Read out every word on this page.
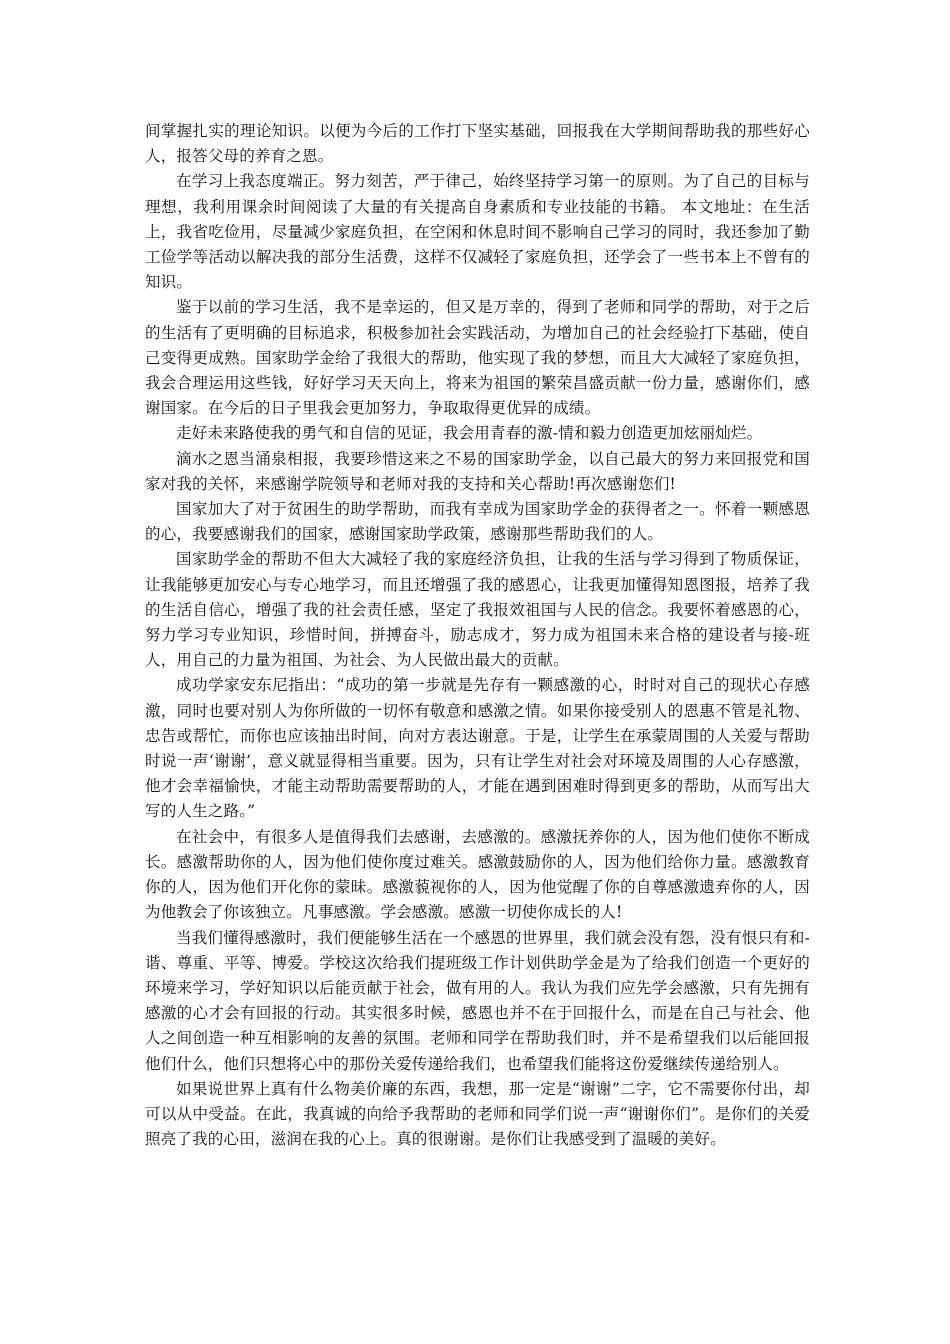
间掌握扎实的理论知识。以便为今后的工作打下坚实基础，回报我在大学期间帮助我的那些好心人，报答父母的养育之恩。

在学习上我态度端正。努力刻苦，严于律己，始终坚持学习第一的原则。为了自己的目标与理想，我利用课余时间阅读了大量的有关提高自身素质和专业技能的书籍。 本文地址：在生活上，我省吃俭用，尽量减少家庭负担，在空闲和休息时间不影响自己学习的同时，我还参加了勤工俭学等活动以解决我的部分生活费，这样不仅减轻了家庭负担，还学会了一些书本上不曾有的知识。

鉴于以前的学习生活，我不是幸运的，但又是万幸的，得到了老师和同学的帮助，对于之后的生活有了更明确的目标追求，积极参加社会实践活动，为增加自己的社会经验打下基础，使自己变得更成熟。国家助学金给了我很大的帮助，他实现了我的梦想，而且大大减轻了家庭负担，我会合理运用这些钱，好好学习天天向上，将来为祖国的繁荣昌盛贡献一份力量，感谢你们，感谢国家。在今后的日子里我会更加努力，争取取得更优异的成绩。

走好未来路使我的勇气和自信的见证，我会用青春的激-情和毅力创造更加炫丽灿烂。

滴水之恩当涌泉相报，我要珍惜这来之不易的国家助学金，以自己最大的努力来回报党和国家对我的关怀，来感谢学院领导和老师对我的支持和关心帮助!再次感谢您们!

国家加大了对于贫困生的助学帮助，而我有幸成为国家助学金的获得者之一。怀着一颗感恩的心，我要感谢我们的国家，感谢国家助学政策，感谢那些帮助我们的人。

国家助学金的帮助不但大大减轻了我的家庭经济负担，让我的生活与学习得到了物质保证，让我能够更加安心与专心地学习，而且还增强了我的感恩心，让我更加懂得知恩图报，培养了我的生活自信心，增强了我的社会责任感，坚定了我报效祖国与人民的信念。我要怀着感恩的心，努力学习专业知识，珍惜时间，拼搏奋斗，励志成才，努力成为祖国未来合格的建设者与接-班人，用自己的力量为祖国、为社会、为人民做出最大的贡献。

成功学家安东尼指出：“成功的第一步就是先存有一颗感激的心，时时对自己的现状心存感激，同时也要对别人为你所做的一切怀有敬意和感激之情。如果你接受别人的恩惠不管是礼物、忠告或帮忙，而你也应该抽出时间，向对方表达谢意。于是，让学生在承蒙周围的人关爱与帮助时说一声‘谢谢’，意义就显得相当重要。因为，只有让学生对社会对环境及周围的人心存感激，他才会幸福愉快，才能主动帮助需要帮助的人，才能在遇到困难时得到更多的帮助，从而写出大写的人生之路。”

在社会中，有很多人是值得我们去感谢，去感激的。感激抚养你的人，因为他们使你不断成长。感激帮助你的人，因为他们使你度过难关。感激鼓励你的人，因为他们给你力量。感激教育你的人，因为他们开化你的蒙昧。感激藐视你的人，因为他觉醒了你的自尊感激遗弃你的人，因为他教会了你该独立。凡事感激。学会感激。感激一切使你成长的人!

当我们懂得感激时，我们便能够生活在一个感恩的世界里，我们就会没有怨，没有恨只有和-谐、尊重、平等、博爱。学校这次给我们提班级工作计划供助学金是为了给我们创造一个更好的环境来学习，学好知识以后能贡献于社会，做有用的人。我认为我们应先学会感激，只有先拥有感激的心才会有回报的行动。其实很多时候，感恩也并不在于回报什么，而是在自己与社会、他人之间创造一种互相影响的友善的氛围。老师和同学在帮助我们时，并不是希望我们以后能回报他们什么，他们只想将心中的那份关爱传递给我们，也希望我们能将这份爱继续传递给别人。

如果说世界上真有什么物美价廉的东西，我想，那一定是“谢谢”二字，它不需要你付出，却可以从中受益。在此，我真诚的向给予我帮助的老师和同学们说一声“谢谢你们”。是你们的关爱照亮了我的心田，滋润在我的心上。真的很谢谢。是你们让我感受到了温暖的美好。
